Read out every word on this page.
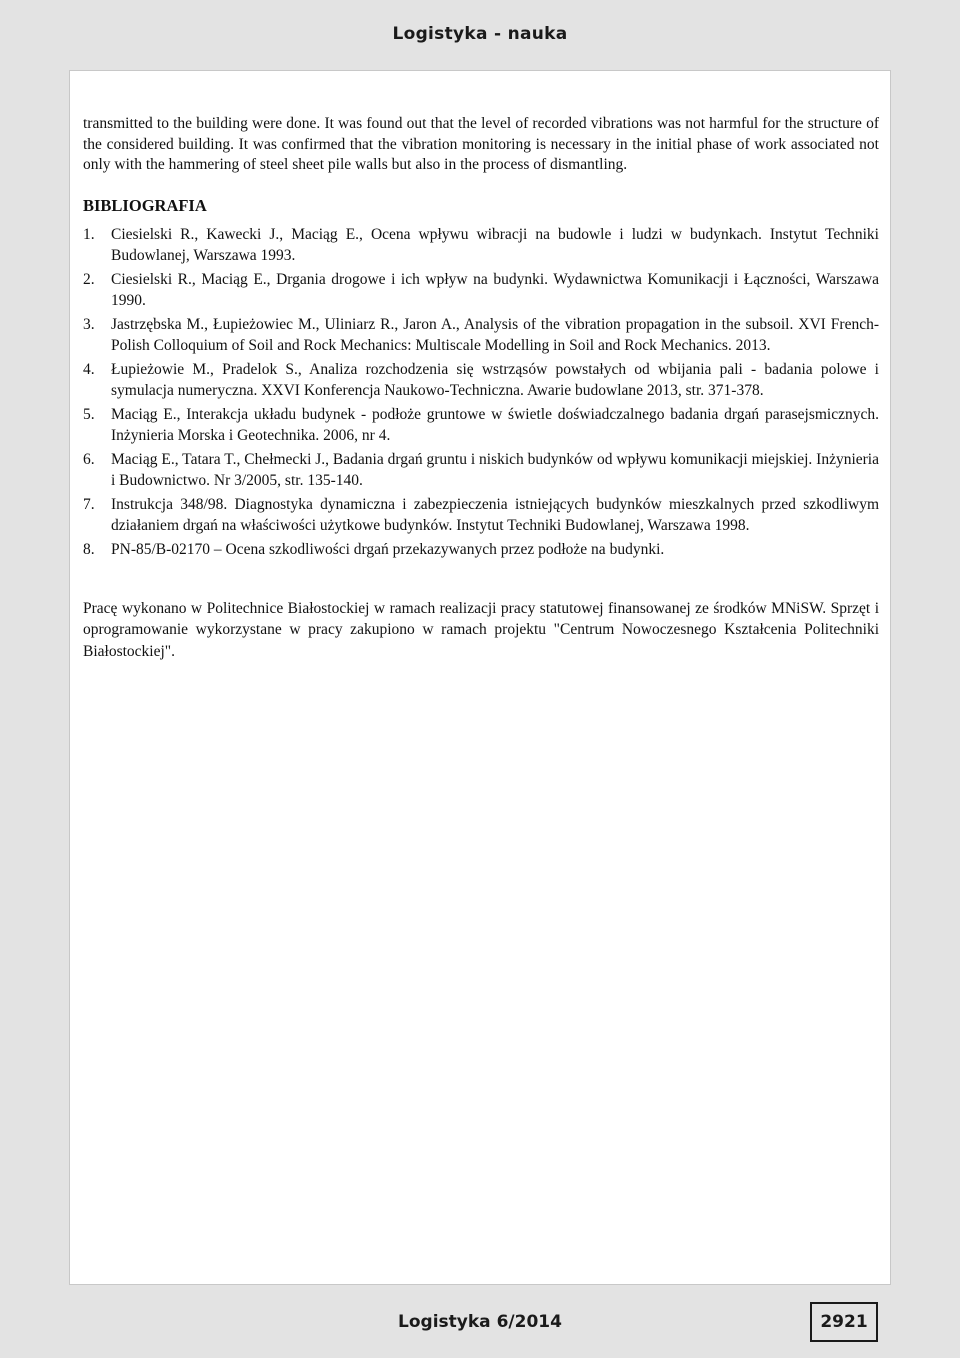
Logistyka - nauka

transmitted to the building were done. It was found out that the level of recorded vibrations was not harmful for the structure of the considered building. It was confirmed that the vibration monitoring is necessary in the initial phase of work associated not only with the hammering of steel sheet pile walls but also in the process of dismantling.

BIBLIOGRAFIA
1. Ciesielski R., Kawecki J., Maciąg E., Ocena wpływu wibracji na budowle i ludzi w budynkach. Instytut Techniki Budowlanej, Warszawa 1993.
2. Ciesielski R., Maciąg E., Drgania drogowe i ich wpływ na budynki. Wydawnictwa Komunikacji i Łączności, Warszawa 1990.
3. Jastrzębska M., Łupieżowiec M., Uliniarz R., Jaron A., Analysis of the vibration propagation in the subsoil. XVI French-Polish Colloquium of Soil and Rock Mechanics: Multiscale Modelling in Soil and Rock Mechanics. 2013.
4. Łupieżowie M., Pradelok S., Analiza rozchodzenia się wstrząsów powstałych od wbijania pali - badania polowe i symulacja numeryczna. XXVI Konferencja Naukowo-Techniczna. Awarie budowlane 2013, str. 371-378.
5. Maciąg E., Interakcja układu budynek - podłoże gruntowe w świetle doświadczalnego badania drgań parasejsmicznych. Inżynieria Morska i Geotechnika. 2006, nr 4.
6. Maciąg E., Tatara T., Chełmecki J., Badania drgań gruntu i niskich budynków od wpływu komunikacji miejskiej. Inżynieria i Budownictwo. Nr 3/2005, str. 135-140.
7. Instrukcja 348/98. Diagnostyka dynamiczna i zabezpieczenia istniejących budynków mieszkalnych przed szkodliwym działaniem drgań na właściwości użytkowe budynków. Instytut Techniki Budowlanej, Warszawa 1998.
8. PN-85/B-02170 – Ocena szkodliwości drgań przekazywanych przez podłoże na budynki.
Pracę wykonano w Politechnice Białostockiej w ramach realizacji pracy statutowej finansowanej ze środków MNiSW. Sprzęt i oprogramowanie wykorzystane w pracy zakupiono w ramach projektu "Centrum Nowoczesnego Kształcenia Politechniki Białostockiej".
Logistyka 6/2014	2921
